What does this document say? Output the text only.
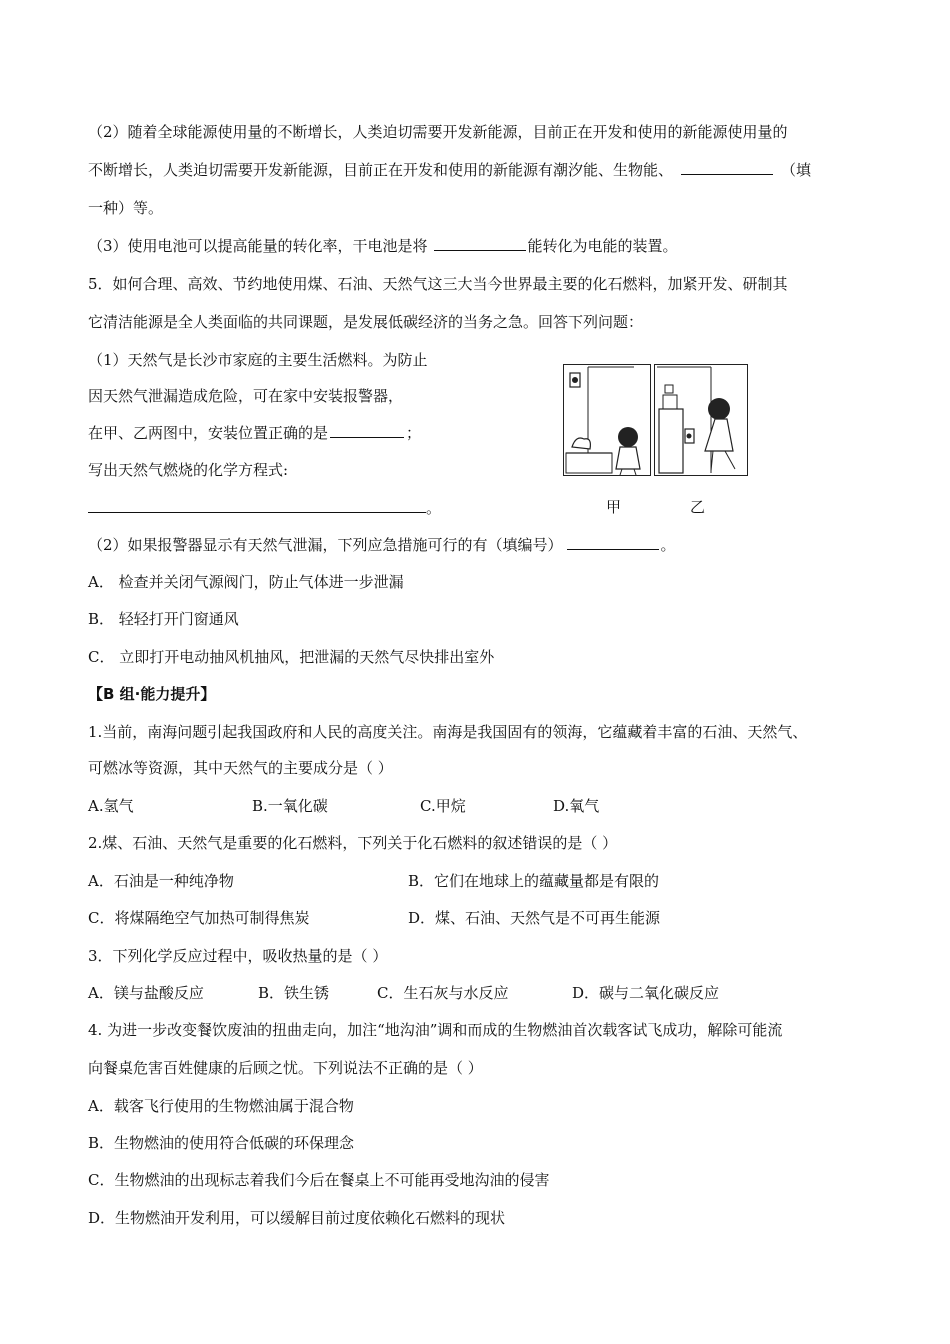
（2）随着全球能源使用量的不断增长，人类迫切需要开发新能源，目前正在开发和使用的新能源使用量的
不断增长，人类迫切需要开发新能源，目前正在开发和使用的新能源有潮汐能、生物能、	（填
一种）等。
（3）使用电池可以提高能量的转化率，干电池是将	能转化为电能的装置。
5．如何合理、高效、节约地使用煤、石油、天然气这三大当今世界最主要的化石燃料，加紧开发、研制其
它清洁能源是全人类面临的共同课题，是发展低碳经济的当务之急。回答下列问题：
（1）天然气是长沙市家庭的主要生活燃料。为防止
因天然气泄漏造成危险，可在家中安装报警器，
在甲、乙两图中，安装位置正确的是	；
写出天然气燃烧的化学方程式:
。	甲	乙
（2）如果报警器显示有天然气泄漏，下列应急措施可行的有（填编号）	。
A． 检查并关闭气源阀门，防止气体进一步泄漏
B． 轻轻打开门窗通风
C． 立即打开电动抽风机抽风，把泄漏的天然气尽快排出室外
【B 组·能力提升】
1.当前，南海问题引起我国政府和人民的高度关注。南海是我国固有的领海，它蕴藏着丰富的石油、天然气、
可燃冰等资源，其中天然气的主要成分是（ ）
A.氢气	B.一氧化碳	C.甲烷	D.氧气
2.煤、石油、天然气是重要的化石燃料，下列关于化石燃料的叙述错误的是（ ）
A．石油是一种纯净物	B．它们在地球上的蕴藏量都是有限的
C．将煤隔绝空气加热可制得焦炭	D．煤、石油、天然气是不可再生能源
3．下列化学反应过程中，吸收热量的是（ ）
A．镁与盐酸反应	B．铁生锈	C．生石灰与水反应	D．碳与二氧化碳反应
4. 为进一步改变餐饮废油的扭曲走向，加注“地沟油”调和而成的生物燃油首次载客试飞成功，解除可能流
向餐桌危害百姓健康的后顾之忧。下列说法不正确的是（ ）
A．载客飞行使用的生物燃油属于混合物
B．生物燃油的使用符合低碳的环保理念
C．生物燃油的出现标志着我们今后在餐桌上不可能再受地沟油的侵害
D．生物燃油开发利用，可以缓解目前过度依赖化石燃料的现状
